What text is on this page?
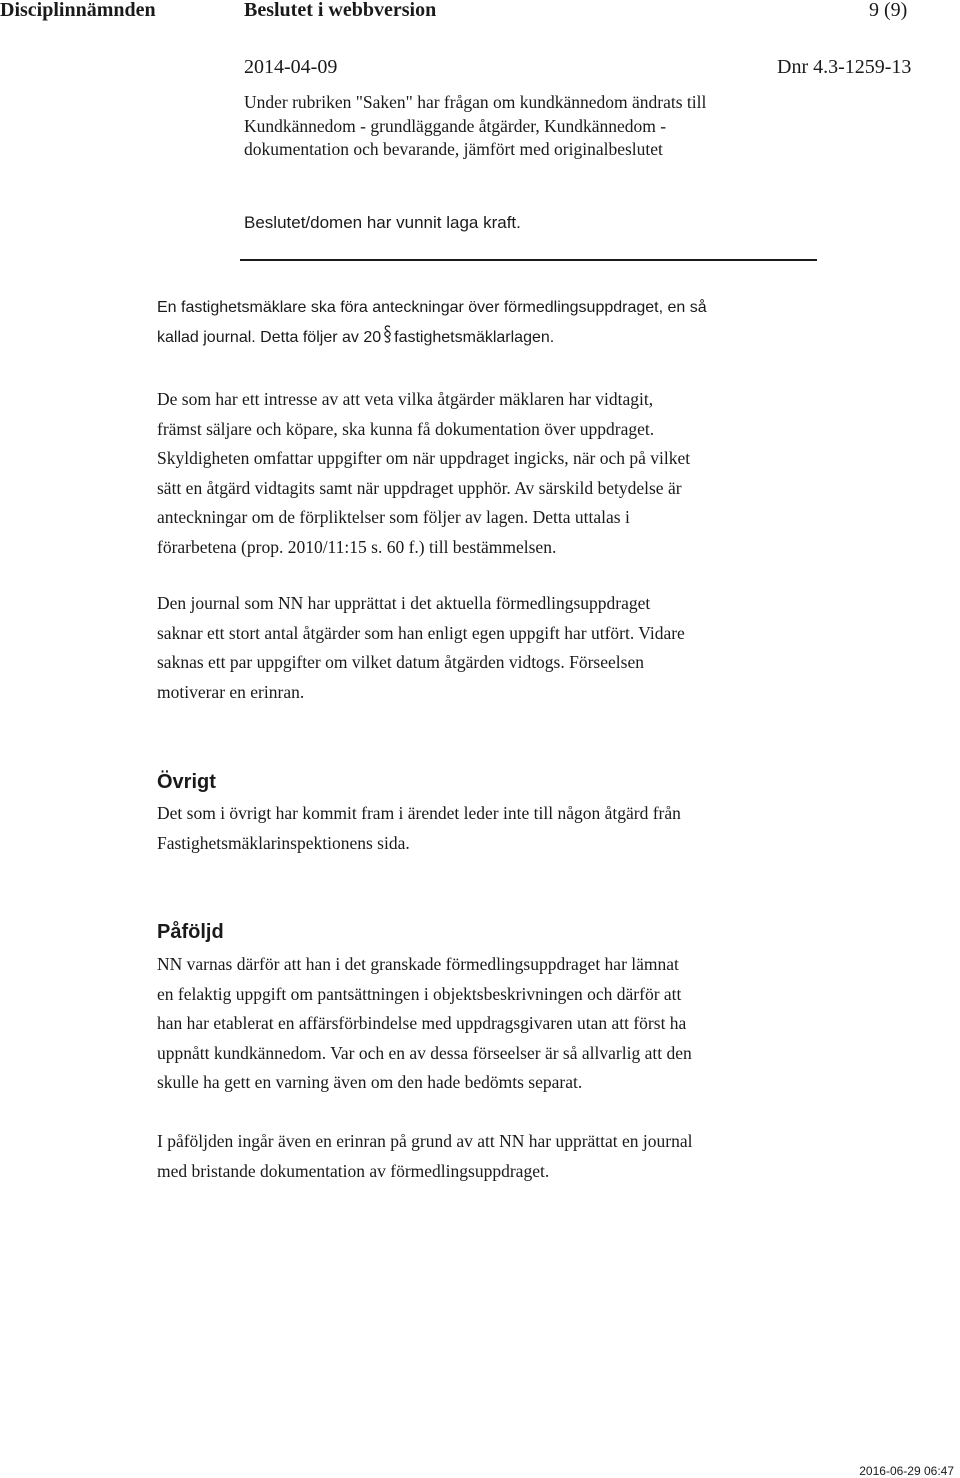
Disciplinnämnden	Beslutet i webbversion	9 (9)
2014-04-09	Dnr 4.3-1259-13
Under rubriken "Saken" har frågan om kundkännedom ändrats till
Kundkännedom - grundläggande åtgärder, Kundkännedom -
dokumentation och bevarande, jämfört med originalbeslutet
Beslutet/domen har vunnit laga kraft.
En fastighetsmäklare ska föra anteckningar över förmedlingsuppdraget, en så
kallad journal. Detta följer av 20 fastighetsmäklarlagen.
De som har ett intresse av att veta vilka åtgärder mäklaren har vidtagit,
främst säljare och köpare, ska kunna få dokumentation över uppdraget.
Skyldigheten omfattar uppgifter om när uppdraget ingicks, när och på vilket
sätt en åtgärd vidtagits samt när uppdraget upphör. Av särskild betydelse är
anteckningar om de förpliktelser som följer av lagen. Detta uttalas i
förarbetena (prop. 2010/11:15 s. 60 f.) till bestämmelsen.
Den journal som NN har upprättat i det aktuella förmedlingsuppdraget
saknar ett stort antal åtgärder som han enligt egen uppgift har utfört. Vidare
saknas ett par uppgifter om vilket datum åtgärden vidtogs. Förseelsen
motiverar en erinran.
Övrigt
Det som i övrigt har kommit fram i ärendet leder inte till någon åtgärd från
Fastighetsmäklarinspektionens sida.
Påföljd
NN varnas därför att han i det granskade förmedlingsuppdraget har lämnat
en felaktig uppgift om pantsättningen i objektsbeskrivningen och därför att
han har etablerat en affärsförbindelse med uppdragsgivaren utan att först ha
uppnått kundkännedom. Var och en av dessa förseelser är så allvarlig att den
skulle ha gett en varning även om den hade bedömts separat.
I påföljden ingår även en erinran på grund av att NN har upprättat en journal
med bristande dokumentation av förmedlingsuppdraget.
2016-06-29 06:47
